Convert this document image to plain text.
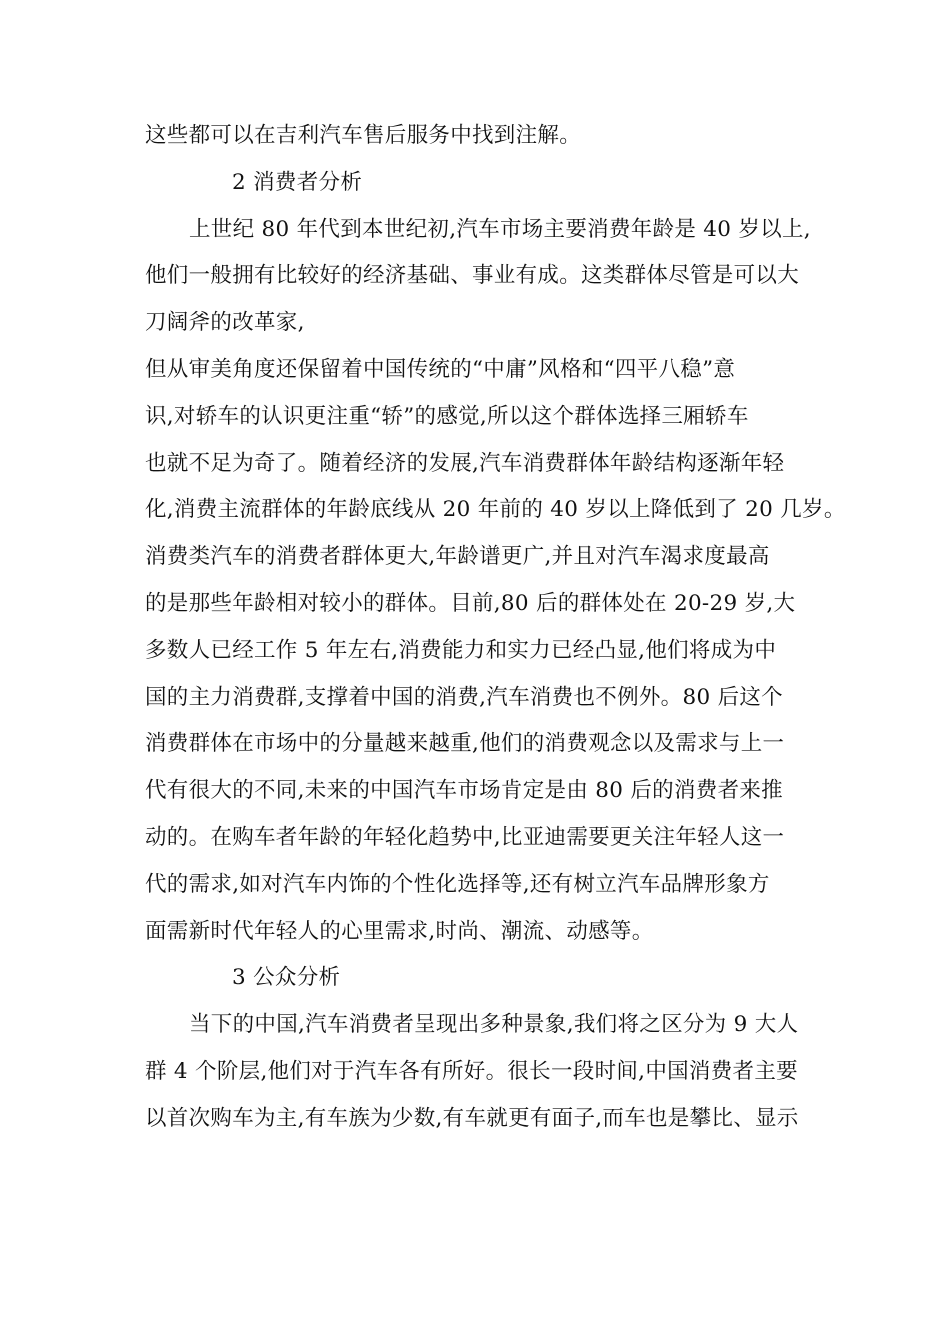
这些都可以在吉利汽车售后服务中找到注解。
2 消费者分析
上世纪 80 年代到本世纪初,汽车市场主要消费年龄是 40 岁以上,
他们一般拥有比较好的经济基础、事业有成。这类群体尽管是可以大
刀阔斧的改革家,
但从审美角度还保留着中国传统的“中庸”风格和“四平八稳”意
识,对轿车的认识更注重“轿”的感觉,所以这个群体选择三厢轿车
也就不足为奇了。随着经济的发展,汽车消费群体年龄结构逐渐年轻
化,消费主流群体的年龄底线从 20 年前的 40 岁以上降低到了 20 几岁。
消费类汽车的消费者群体更大,年龄谱更广,并且对汽车渴求度最高
的是那些年龄相对较小的群体。目前,80 后的群体处在 20-29 岁,大
多数人已经工作 5 年左右,消费能力和实力已经凸显,他们将成为中
国的主力消费群,支撑着中国的消费,汽车消费也不例外。80 后这个
消费群体在市场中的分量越来越重,他们的消费观念以及需求与上一
代有很大的不同,未来的中国汽车市场肯定是由 80 后的消费者来推
动的。在购车者年龄的年轻化趋势中,比亚迪需要更关注年轻人这一
代的需求,如对汽车内饰的个性化选择等,还有树立汽车品牌形象方
面需新时代年轻人的心里需求,时尚、潮流、动感等。
3 公众分析
当下的中国,汽车消费者呈现出多种景象,我们将之区分为 9 大人
群 4 个阶层,他们对于汽车各有所好。很长一段时间,中国消费者主要
以首次购车为主,有车族为少数,有车就更有面子,而车也是攀比、显示
